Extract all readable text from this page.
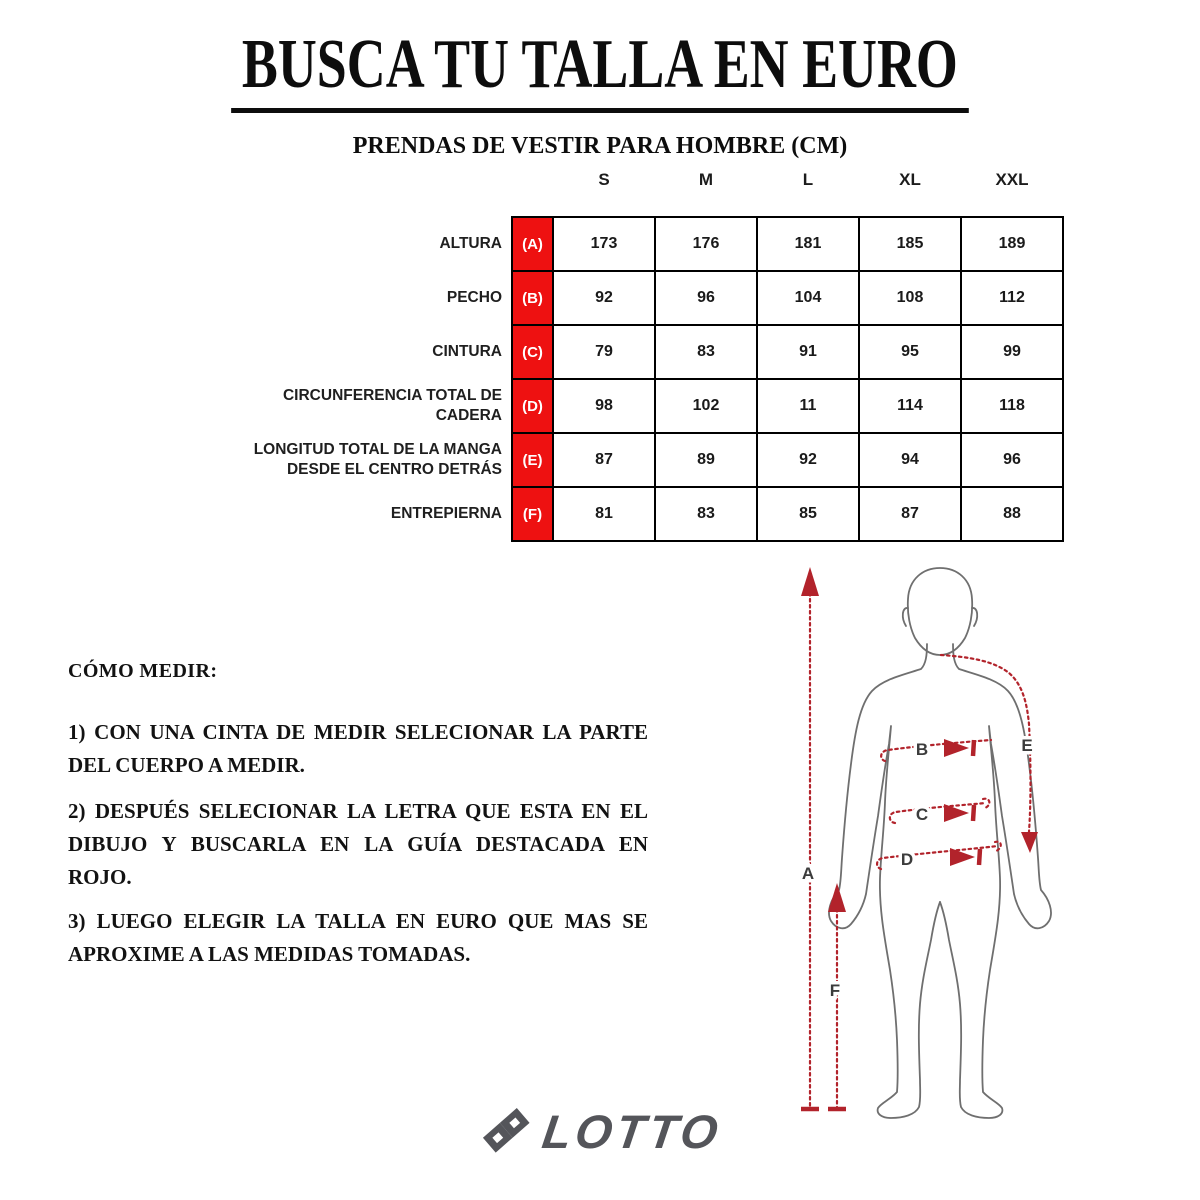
BUSCA TU TALLA EN EURO
PRENDAS DE VESTIR PARA HOMBRE (CM)
		S	M	L	XL	XXL
ALTURA	(A)	173	176	181	185	189
PECHO	(B)	92	96	104	108	112
CINTURA	(C)	79	83	91	95	99
CIRCUNFERENCIA TOTAL DE CADERA	(D)	98	102	11	114	118
LONGITUD TOTAL DE LA MANGA DESDE EL CENTRO DETRÁS	(E)	87	89	92	94	96
ENTREPIERNA	(F)	81	83	85	87	88

CÓMO MEDIR:

1) CON UNA CINTA DE MEDIR SELECIONAR LA PARTE DEL CUERPO A MEDIR.

2) DESPUÉS SELECIONAR LA LETRA QUE ESTA EN EL DIBUJO Y BUSCARLA EN LA GUÍA DESTACADA EN ROJO.

3) LUEGO ELEGIR LA TALLA EN EURO QUE MAS SE APROXIME A LAS MEDIDAS TOMADAS.

A
F
B
C
D
E
LOTTO
